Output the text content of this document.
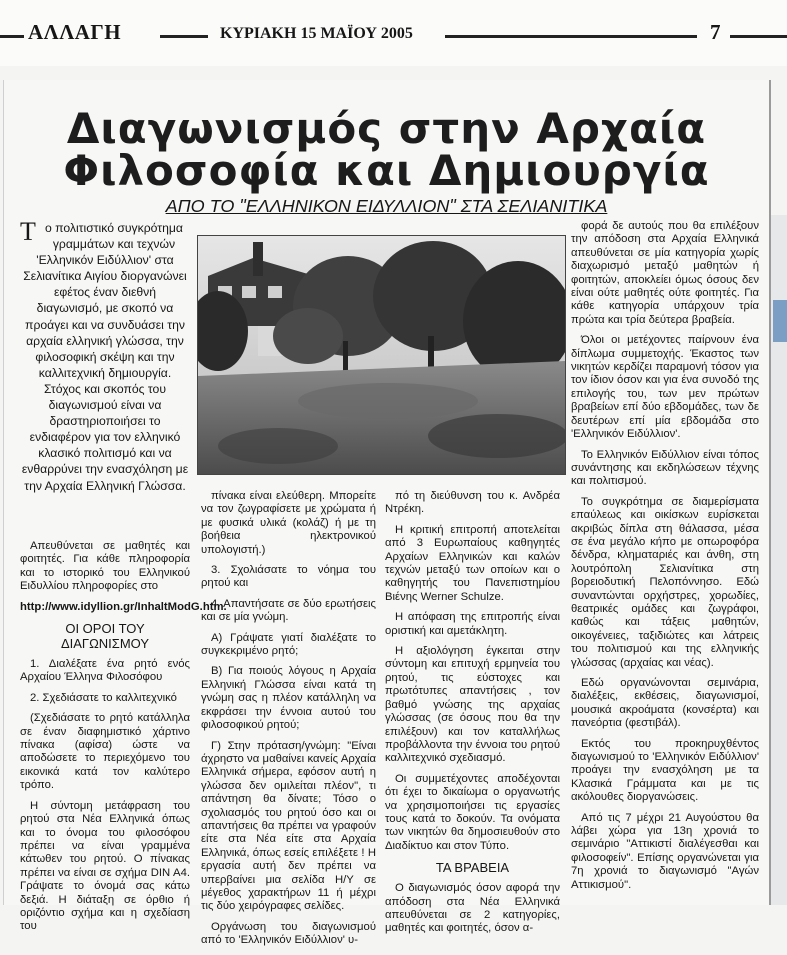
ΑΛΛΑΓΗ	ΚΥΡΙΑΚΗ 15 ΜΑΪΟΥ 2005	7
Διαγωνισμός στην Αρχαία
Φιλοσοφία και Δημιουργία
ΑΠΟ ΤΟ "ΕΛΛΗΝΙΚΟΝ ΕΙΔΥΛΛΙΟΝ" ΣΤΑ ΣΕΛΙΑΝΙΤΙΚΑ
Το πολιτιστικό συγκρότημα γραμμάτων και τεχνών 'Ελληνικόν Ειδύλλιον' στα Σελιανίτικα Αιγίου διοργανώνει εφέτος έναν διεθνή διαγωνισμό, με σκοπό να προάγει και να συνδυάσει την αρχαία ελληνική γλώσσα, την φιλοσοφική σκέψη και την καλλιτεχνική δημιουργία. Στόχος και σκοπός του διαγωνισμού είναι να δραστηριοποιήσει το ενδιαφέρον για τον ελληνικό κλασικό πολιτισμό και να ενθαρρύνει την ενασχόληση με την Αρχαία Ελληνική Γλώσσα.

Απευθύνεται σε μαθητές και φοιτητές. Για κάθε πληροφορία και το ιστορικό του Ελληνικού Ειδυλλίου πληροφορίες στο

http://www.idyllion.gr/InhaltModG.htm.

ΟΙ ΟΡΟΙ ΤΟΥ ΔΙΑΓΩΝΙΣΜΟΥ

1. Διαλέξατε ένα ρητό ενός Αρχαίου Έλληνα Φιλοσόφου

2. Σχεδιάσατε το καλλιτεχνικό

(Σχεδιάσατε το ρητό κατάλληλα σε έναν διαφημιστικό χάρτινο πίνακα (αφίσα) ώστε να αποδώσετε το περιεχόμενο του εικονικά κατά τον καλύτερο τρόπο.

Η σύντομη μετάφραση του ρητού στα Νέα Ελληνικά όπως και το όνομα του φιλοσόφου πρέπει να είναι γραμμένα κάτωθεν του ρητού. Ο πίνακας πρέπει να είναι σε σχήμα DIN A4. Γράψατε το όνομά σας κάτω δεξιά. Η διάταξη σε όρθιο ή οριζόντιο σχήμα και η σχεδίαση του

πίνακα είναι ελεύθερη. Μπορείτε να τον ζωγραφίσετε με χρώματα ή με φυσικά υλικά (κολάζ) ή με τη βοήθεια ηλεκτρονικού υπολογιστή.)

3. Σχολιάσατε το νόημα του ρητού και

4. Απαντήσατε σε δύο ερωτήσεις και σε μία γνώμη.

Α) Γράψατε γιατί διαλέξατε το συγκεκριμένο ρητό;

Β) Για ποιούς λόγους η Αρχαία Ελληνική Γλώσσα είναι κατά τη γνώμη σας η πλέον κατάλληλη να εκφράσει την έννοια αυτού του φιλοσοφικού ρητού;

Γ) Στην πρόταση/γνώμη: "Είναι άχρηστο να μαθαίνει κανείς Αρχαία Ελληνικά σήμερα, εφόσον αυτή η γλώσσα δεν ομιλείται πλέον", τι απάντηση θα δίνατε; Τόσο ο σχολιασμός του ρητού όσο και οι απαντήσεις θα πρέπει να γραφούν είτε στα Νέα είτε στα Αρχαία Ελληνικά, όπως εσείς επιλέξετε ! Η εργασία αυτή δεν πρέπει να υπερβαίνει μια σελίδα Η/Υ σε μέγεθος χαρακτήρων 11 ή μέχρι τις δύο χειρόγραφες σελίδες.

Οργάνωση του διαγωνισμού από το 'Ελληνικόν Ειδύλλιον' υ-

πό τη διεύθυνση του κ. Ανδρέα Ντρέκη.

Η κριτική επιτροπή αποτελείται από 3 Ευρωπαίους καθηγητές Αρχαίων Ελληνικών και καλών τεχνών μεταξύ των οποίων και ο καθηγητής του Πανεπιστημίου Βιένης Werner Schulze.

Η απόφαση της επιτροπής είναι οριστική και αμετάκλητη.

Η αξιολόγηση έγκειται στην σύντομη και επιτυχή ερμηνεία του ρητού, τις εύστοχες και πρωτότυπες απαντήσεις , τον βαθμό γνώσης της αρχαίας γλώσσας (σε όσους που θα την επιλέξουν) και τον καταλλήλως προβάλλοντα την έννοια του ρητού καλλιτεχνικό σχεδιασμό.

Οι συμμετέχοντες αποδέχονται ότι έχει το δικαίωμα ο οργανωτής να χρησιμοποιήσει τις εργασίες τους κατά το δοκούν. Τα ονόματα των νικητών θα δημοσιευθούν στο Διαδίκτυο και στον Τύπο.

ΤΑ ΒΡΑΒΕΙΑ

Ο διαγωνισμός όσον αφορά την απόδοση στα Νέα Ελληνικά απευθύνεται σε 2 κατηγορίες, μαθητές και φοιτητές, όσον α-

φορά δε αυτούς που θα επιλέξουν την απόδοση στα Αρχαία Ελληνικά απευθύνεται σε μία κατηγορία χωρίς διαχωρισμό μεταξύ μαθητών ή φοιτητών, αποκλείει όμως όσους δεν είναι ούτε μαθητές ούτε φοιτητές. Για κάθε κατηγορία υπάρχουν τρία πρώτα και τρία δεύτερα βραβεία.

Όλοι οι μετέχοντες παίρνουν ένα δίπλωμα συμμετοχής. Έκαστος των νικητών κερδίζει παραμονή τόσον για τον ίδιον όσον και για ένα συνοδό της επιλογής του, των μεν πρώτων βραβείων επί δύο εβδομάδες, των δε δευτέρων επί μία εβδομάδα στο 'Ελληνικόν Ειδύλλιον'.

Το Ελληνικόν Ειδύλλιον είναι τόπος συνάντησης και εκδηλώσεων τέχνης και πολιτισμού.

Το συγκρότημα σε διαμερίσματα επαύλεως και οικίσκων ευρίσκεται ακριβώς δίπλα στη θάλασσα, μέσα σε ένα μεγάλο κήπο με οπωροφόρα δένδρα, κληματαριές και άνθη, στη λουτρόπολη Σελιανίτικα στη βορειοδυτική Πελοπόννησο. Εδώ συναντώνται ορχήστρες, χορωδίες, θεατρικές ομάδες και ζωγράφοι, καθώς και τάξεις μαθητών, οικογένειες, ταξιδιώτες και λάτρεις του πολιτισμού και της ελληνικής γλώσσας (αρχαίας και νέας).

Εδώ οργανώνονται σεμινάρια, διαλέξεις, εκθέσεις, διαγωνισμοί, μουσικά ακροάματα (κονσέρτα) και πανεόρτια (φεστιβάλ).

Εκτός του προκηρυχθέντος διαγωνισμού το 'Ελληνικόν Ειδύλλιον' προάγει την ενασχόληση με τα Κλασικά Γράμματα και με τις ακόλουθες διοργανώσεις.

Από τις 7 μέχρι 21 Αυγούστου θα λάβει χώρα για 13η χρονιά το σεμινάριο "Αττικιστί διαλέγεσθαι και φιλοσοφείν". Επίσης οργανώνεται για 7η χρονιά το διαγωνισμό "Αγών Αττικισμού".
